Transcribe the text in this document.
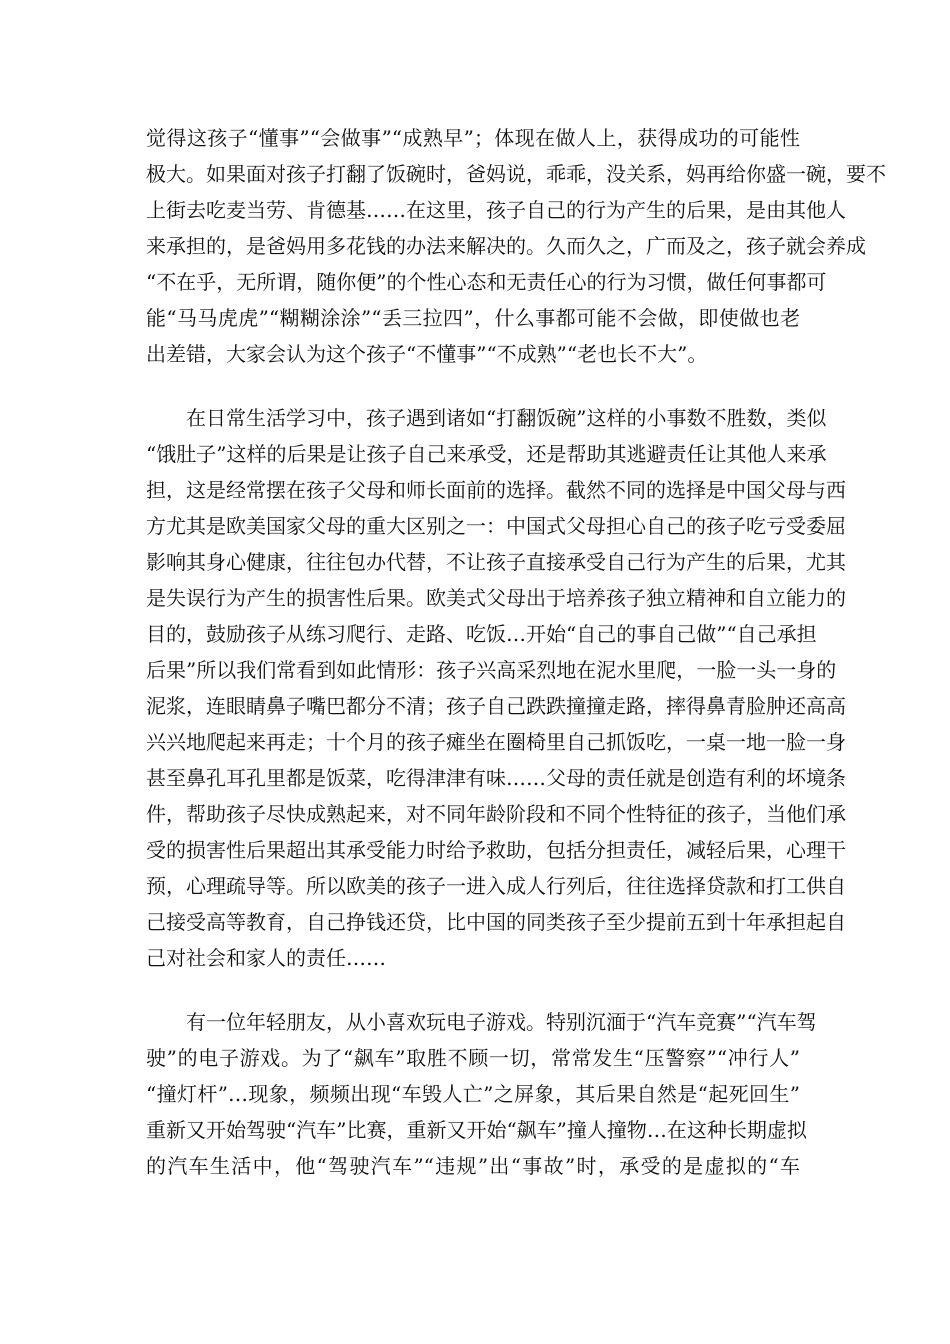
觉得这孩子“懂事”“会做事”“成熟早”；体现在做人上，获得成功的可能性
极大。如果面对孩子打翻了饭碗时，爸妈说，乖乖，没关系，妈再给你盛一碗，要不
上街去吃麦当劳、肯德基……在这里，孩子自己的行为产生的后果，是由其他人
来承担的，是爸妈用多花钱的办法来解决的。久而久之，广而及之，孩子就会养成
“不在乎，无所谓，随你便”的个性心态和无责任心的行为习惯，做任何事都可
能“马马虎虎”“糊糊涂涂”“丢三拉四”，什么事都可能不会做，即使做也老
出差错，大家会认为这个孩子“不懂事”“不成熟”“老也长不大”。
在日常生活学习中，孩子遇到诸如“打翻饭碗”这样的小事数不胜数，类似
“饿肚子”这样的后果是让孩子自己来承受，还是帮助其逃避责任让其他人来承
担，这是经常摆在孩子父母和师长面前的选择。截然不同的选择是中国父母与西
方尤其是欧美国家父母的重大区别之一：中国式父母担心自己的孩子吃亏受委屈
影响其身心健康，往往包办代替，不让孩子直接承受自己行为产生的后果，尤其
是失误行为产生的损害性后果。欧美式父母出于培养孩子独立精神和自立能力的
目的，鼓励孩子从练习爬行、走路、吃饭…开始“自己的事自己做”“自己承担
后果”所以我们常看到如此情形：孩子兴高采烈地在泥水里爬，一脸一头一身的
泥浆，连眼睛鼻子嘴巴都分不清；孩子自己跌跌撞撞走路，摔得鼻青脸肿还高高
兴兴地爬起来再走；十个月的孩子瘫坐在圈椅里自己抓饭吃，一桌一地一脸一身
甚至鼻孔耳孔里都是饭菜，吃得津津有味……父母的责任就是创造有利的坏境条
件，帮助孩子尽快成熟起来，对不同年龄阶段和不同个性特征的孩子，当他们承
受的损害性后果超出其承受能力时给予救助，包括分担责任，减轻后果，心理干
预，心理疏导等。所以欧美的孩子一进入成人行列后，往往选择贷款和打工供自
己接受高等教育，自己挣钱还贷，比中国的同类孩子至少提前五到十年承担起自
己对社会和家人的责任……
有一位年轻朋友，从小喜欢玩电子游戏。特别沉湎于“汽车竞赛”“汽车驾
驶”的电子游戏。为了“飙车”取胜不顾一切，常常发生“压警察”“冲行人”
“撞灯杆”…现象，频频出现“车毁人亡”之屏象，其后果自然是“起死回生”
重新又开始驾驶“汽车”比赛，重新又开始“飙车”撞人撞物…在这种长期虚拟
的汽车生活中，他“驾驶汽车”“违规”出“事故”时，承受的是虚拟的“车
